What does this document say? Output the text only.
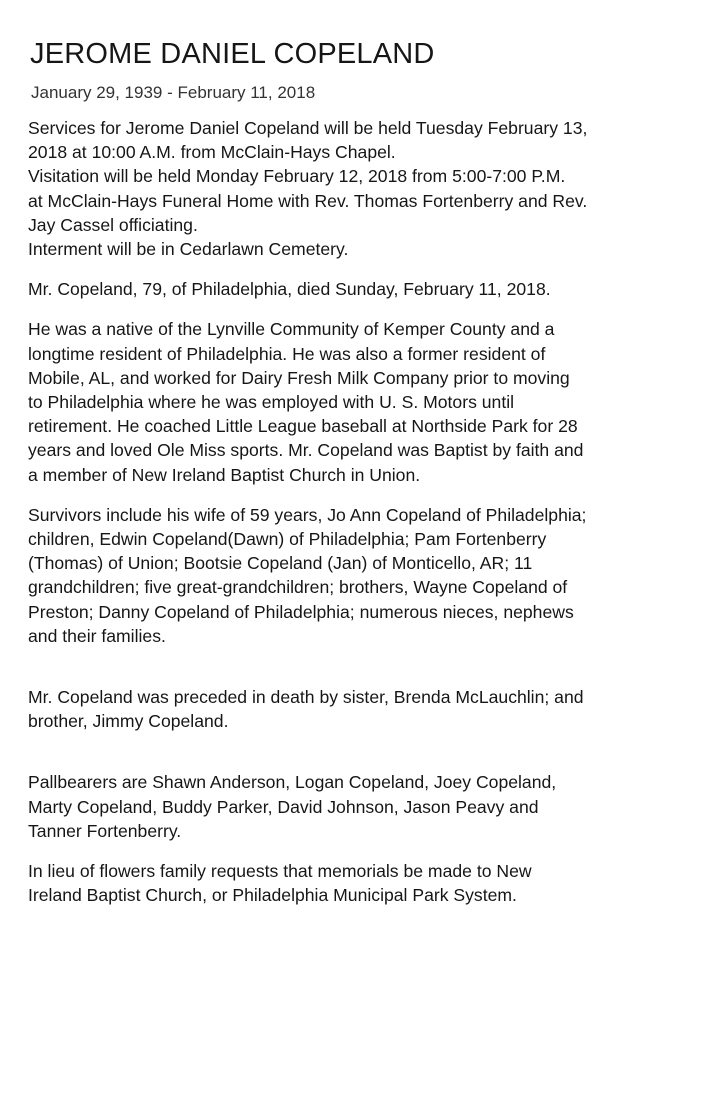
JEROME DANIEL COPELAND
January 29, 1939 - February 11, 2018

Services for Jerome Daniel Copeland will be held Tuesday February 13,
2018 at 10:00 A.M. from McClain-Hays Chapel.
Visitation will be held Monday February 12, 2018 from 5:00-7:00 P.M.
at McClain-Hays Funeral Home with Rev. Thomas Fortenberry and Rev.
Jay Cassel officiating.
Interment will be in Cedarlawn Cemetery.

Mr. Copeland, 79, of Philadelphia, died Sunday, February 11, 2018.

He was a native of the Lynville Community of Kemper County and a
longtime resident of Philadelphia. He was also a former resident of
Mobile, AL, and worked for Dairy Fresh Milk Company prior to moving
to Philadelphia where he was employed with U. S. Motors until
retirement. He coached Little League baseball at Northside Park for 28
years and loved Ole Miss sports. Mr. Copeland was Baptist by faith and
a member of New Ireland Baptist Church in Union.

Survivors include his wife of 59 years, Jo Ann Copeland of Philadelphia;
children, Edwin Copeland(Dawn) of Philadelphia; Pam Fortenberry
(Thomas) of Union; Bootsie Copeland (Jan) of Monticello, AR; 11
grandchildren; five great-grandchildren; brothers, Wayne Copeland of
Preston; Danny Copeland of Philadelphia; numerous nieces, nephews
and their families.

Mr. Copeland was preceded in death by sister, Brenda McLauchlin; and
brother, Jimmy Copeland.

Pallbearers are Shawn Anderson, Logan Copeland, Joey Copeland,
Marty Copeland, Buddy Parker, David Johnson, Jason Peavy and
Tanner Fortenberry.

In lieu of flowers family requests that memorials be made to New
Ireland Baptist Church, or Philadelphia Municipal Park System.
